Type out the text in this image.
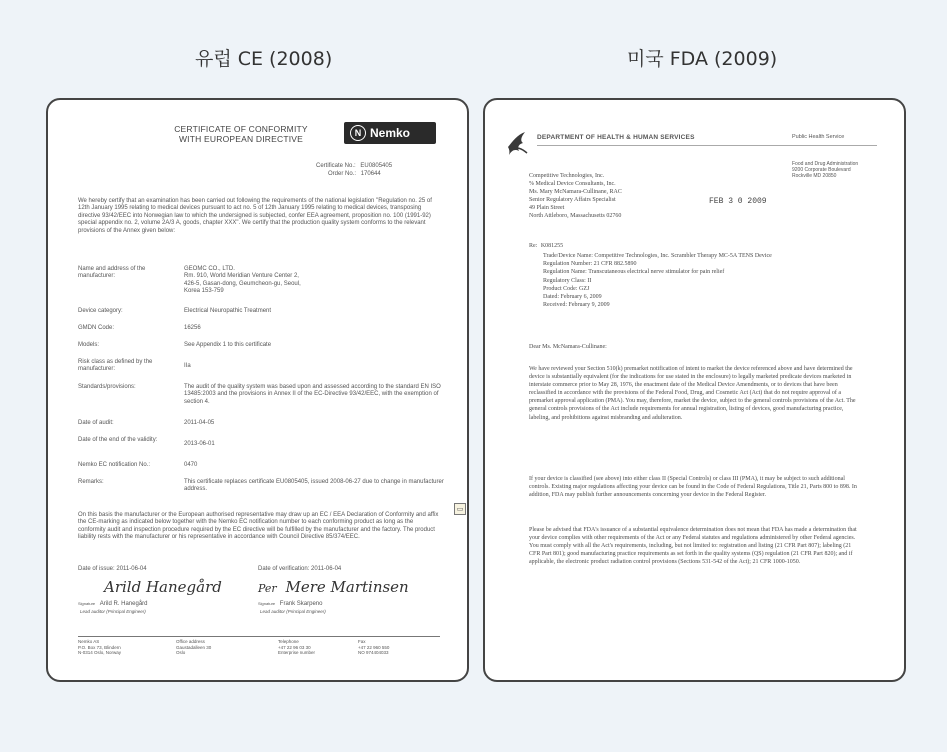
유럽 CE (2008)	미국 FDA (2009)
CERTIFICATE OF CONFORMITY
WITH EUROPEAN DIRECTIVE
N Nemko
Certificate No.: EU0805405
Order No.: 170644
We hereby certify that an examination has been carried out following the requirements of the national legislation "Regulation no. 25 of 12th January 1995 relating to medical devices pursuant to act no. 5 of 12th January 1995 relating to medical devices, transposing directive 93/42/EEC into Norwegian law to which the undersigned is subjected, confer EEA agreement, proposition no. 100 (1991-92) special appendix no. 2, volume 2A/3 A, goods, chapter XXX". We certify that the production quality system conforms to the relevant provisions of the Annex given below:
Name and address of the manufacturer:
GEOMC CO., LTD.
Rm. 910, World Meridian Venture Center 2,
426-5, Gasan-dong, Geumcheon-gu, Seoul,
Korea 153-759
Device category:	Electrical Neuropathic Treatment
GMDN Code:	16256
Models:	See Appendix 1 to this certificate
Risk class as defined by the manufacturer:
IIa
Standards/provisions:	The audit of the quality system was based upon and assessed according to the standard EN ISO 13485:2003 and the provisions in Annex II of the EC-Directive 93/42/EEC, with the exemption of section 4.
Date of audit:	2011-04-05
Date of the end of the validity:
2013-06-01
Nemko EC notification No.:	0470
Remarks:	This certificate replaces certificate EU0805405, issued 2008-06-27 due to change in manufacturer address.
On this basis the manufacturer or the European authorised representative may draw up an EC / EEA Declaration of Conformity and affix the CE-marking as indicated below together with the Nemko EC notification number to each conforming product as long as the conformity audit and inspection procedure required by the EC directive will be fulfilled by the manufacturer and the factory. The product liability rests with the manufacturer or his representative in accordance with Council Directive 85/374/EEC.
Date of issue: 2011-06-04	Date of verification: 2011-06-04
Arild Hanegård
Signature Arild R. Hanegård
Lead auditor (Principal Engineer)
Per Mere Martinsen
Signature Frank Skarpeno
Lead auditor (Principal Engineer)
Nemko AS
P.O. Box 73, Blindern
N-0314 Oslo, Norway
Office address
Gaustadalleen 30
Oslo
Telephone
+47 22 96 03 30
Enterprise number
Fax
+47 22 960 550
NO 974404033
▭
DEPARTMENT OF HEALTH & HUMAN SERVICES	Public Health Service
Food and Drug Administration
9200 Corporate Boulevard
Rockville MD 20850
Competitive Technologies, Inc.
% Medical Device Consultants, Inc.
Ms. Mary McNamara-Cullinane, RAC
Senior Regulatory Affairs Specialist
49 Plain Street
North Attleboro, Massachusetts 02760
FEB 3 0 2009
Re: K081255
Trade/Device Name: Competitive Technologies, Inc. Scrambler Therapy MC-5A TENS Device
Regulation Number: 21 CFR 882.5890
Regulation Name: Transcutaneous electrical nerve stimulator for pain relief
Regulatory Class: II
Product Code: GZJ
Dated: February 6, 2009
Received: February 9, 2009
Dear Ms. McNamara-Cullinane:
We have reviewed your Section 510(k) premarket notification of intent to market the device referenced above and have determined the device is substantially equivalent (for the indications for use stated in the enclosure) to legally marketed predicate devices marketed in interstate commerce prior to May 28, 1976, the enactment date of the Medical Device Amendments, or to devices that have been reclassified in accordance with the provisions of the Federal Food, Drug, and Cosmetic Act (Act) that do not require approval of a premarket approval application (PMA). You may, therefore, market the device, subject to the general controls provisions of the Act. The general controls provisions of the Act include requirements for annual registration, listing of devices, good manufacturing practice, labeling, and prohibitions against misbranding and adulteration.
If your device is classified (see above) into either class II (Special Controls) or class III (PMA), it may be subject to such additional controls. Existing major regulations affecting your device can be found in the Code of Federal Regulations, Title 21, Parts 800 to 898. In addition, FDA may publish further announcements concerning your device in the Federal Register.
Please be advised that FDA's issuance of a substantial equivalence determination does not mean that FDA has made a determination that your device complies with other requirements of the Act or any Federal statutes and regulations administered by other Federal agencies. You must comply with all the Act's requirements, including, but not limited to: registration and listing (21 CFR Part 807); labeling (21 CFR Part 801); good manufacturing practice requirements as set forth in the quality systems (QS) regulation (21 CFR Part 820); and if applicable, the electronic product radiation control provisions (Sections 531-542 of the Act); 21 CFR 1000-1050.
